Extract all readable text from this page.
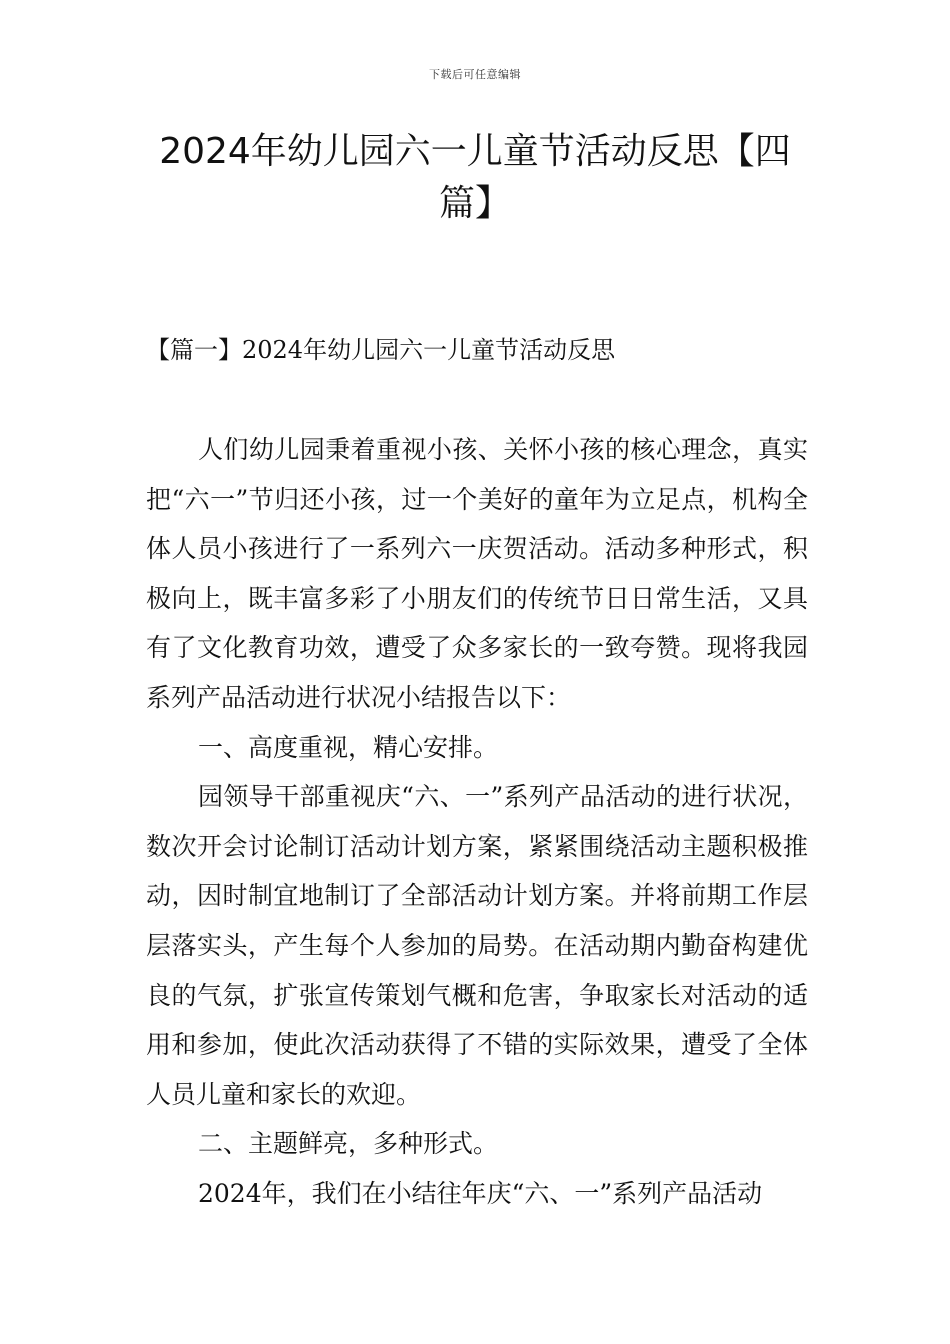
下载后可任意编辑
2024年幼儿园六一儿童节活动反思【四篇】
【篇一】2024年幼儿园六一儿童节活动反思

人们幼儿园秉着重视小孩、关怀小孩的核心理念，真实把“六一”节归还小孩，过一个美好的童年为立足点，机构全体人员小孩进行了一系列六一庆贺活动。活动多种形式，积极向上，既丰富多彩了小朋友们的传统节日日常生活，又具有了文化教育功效，遭受了众多家长的一致夸赞。现将我园系列产品活动进行状况小结报告以下：

一、高度重视，精心安排。

园领导干部重视庆“六、一”系列产品活动的进行状况，数次开会讨论制订活动计划方案，紧紧围绕活动主题积极推动，因时制宜地制订了全部活动计划方案。并将前期工作层层落实头，产生每个人参加的局势。在活动期内勤奋构建优良的气氛，扩张宣传策划气概和危害，争取家长对活动的适用和参加，使此次活动获得了不错的实际效果，遭受了全体人员儿童和家长的欢迎。

二、主题鲜亮，多种形式。

2024年，我们在小结往年庆“六、一”系列产品活动
